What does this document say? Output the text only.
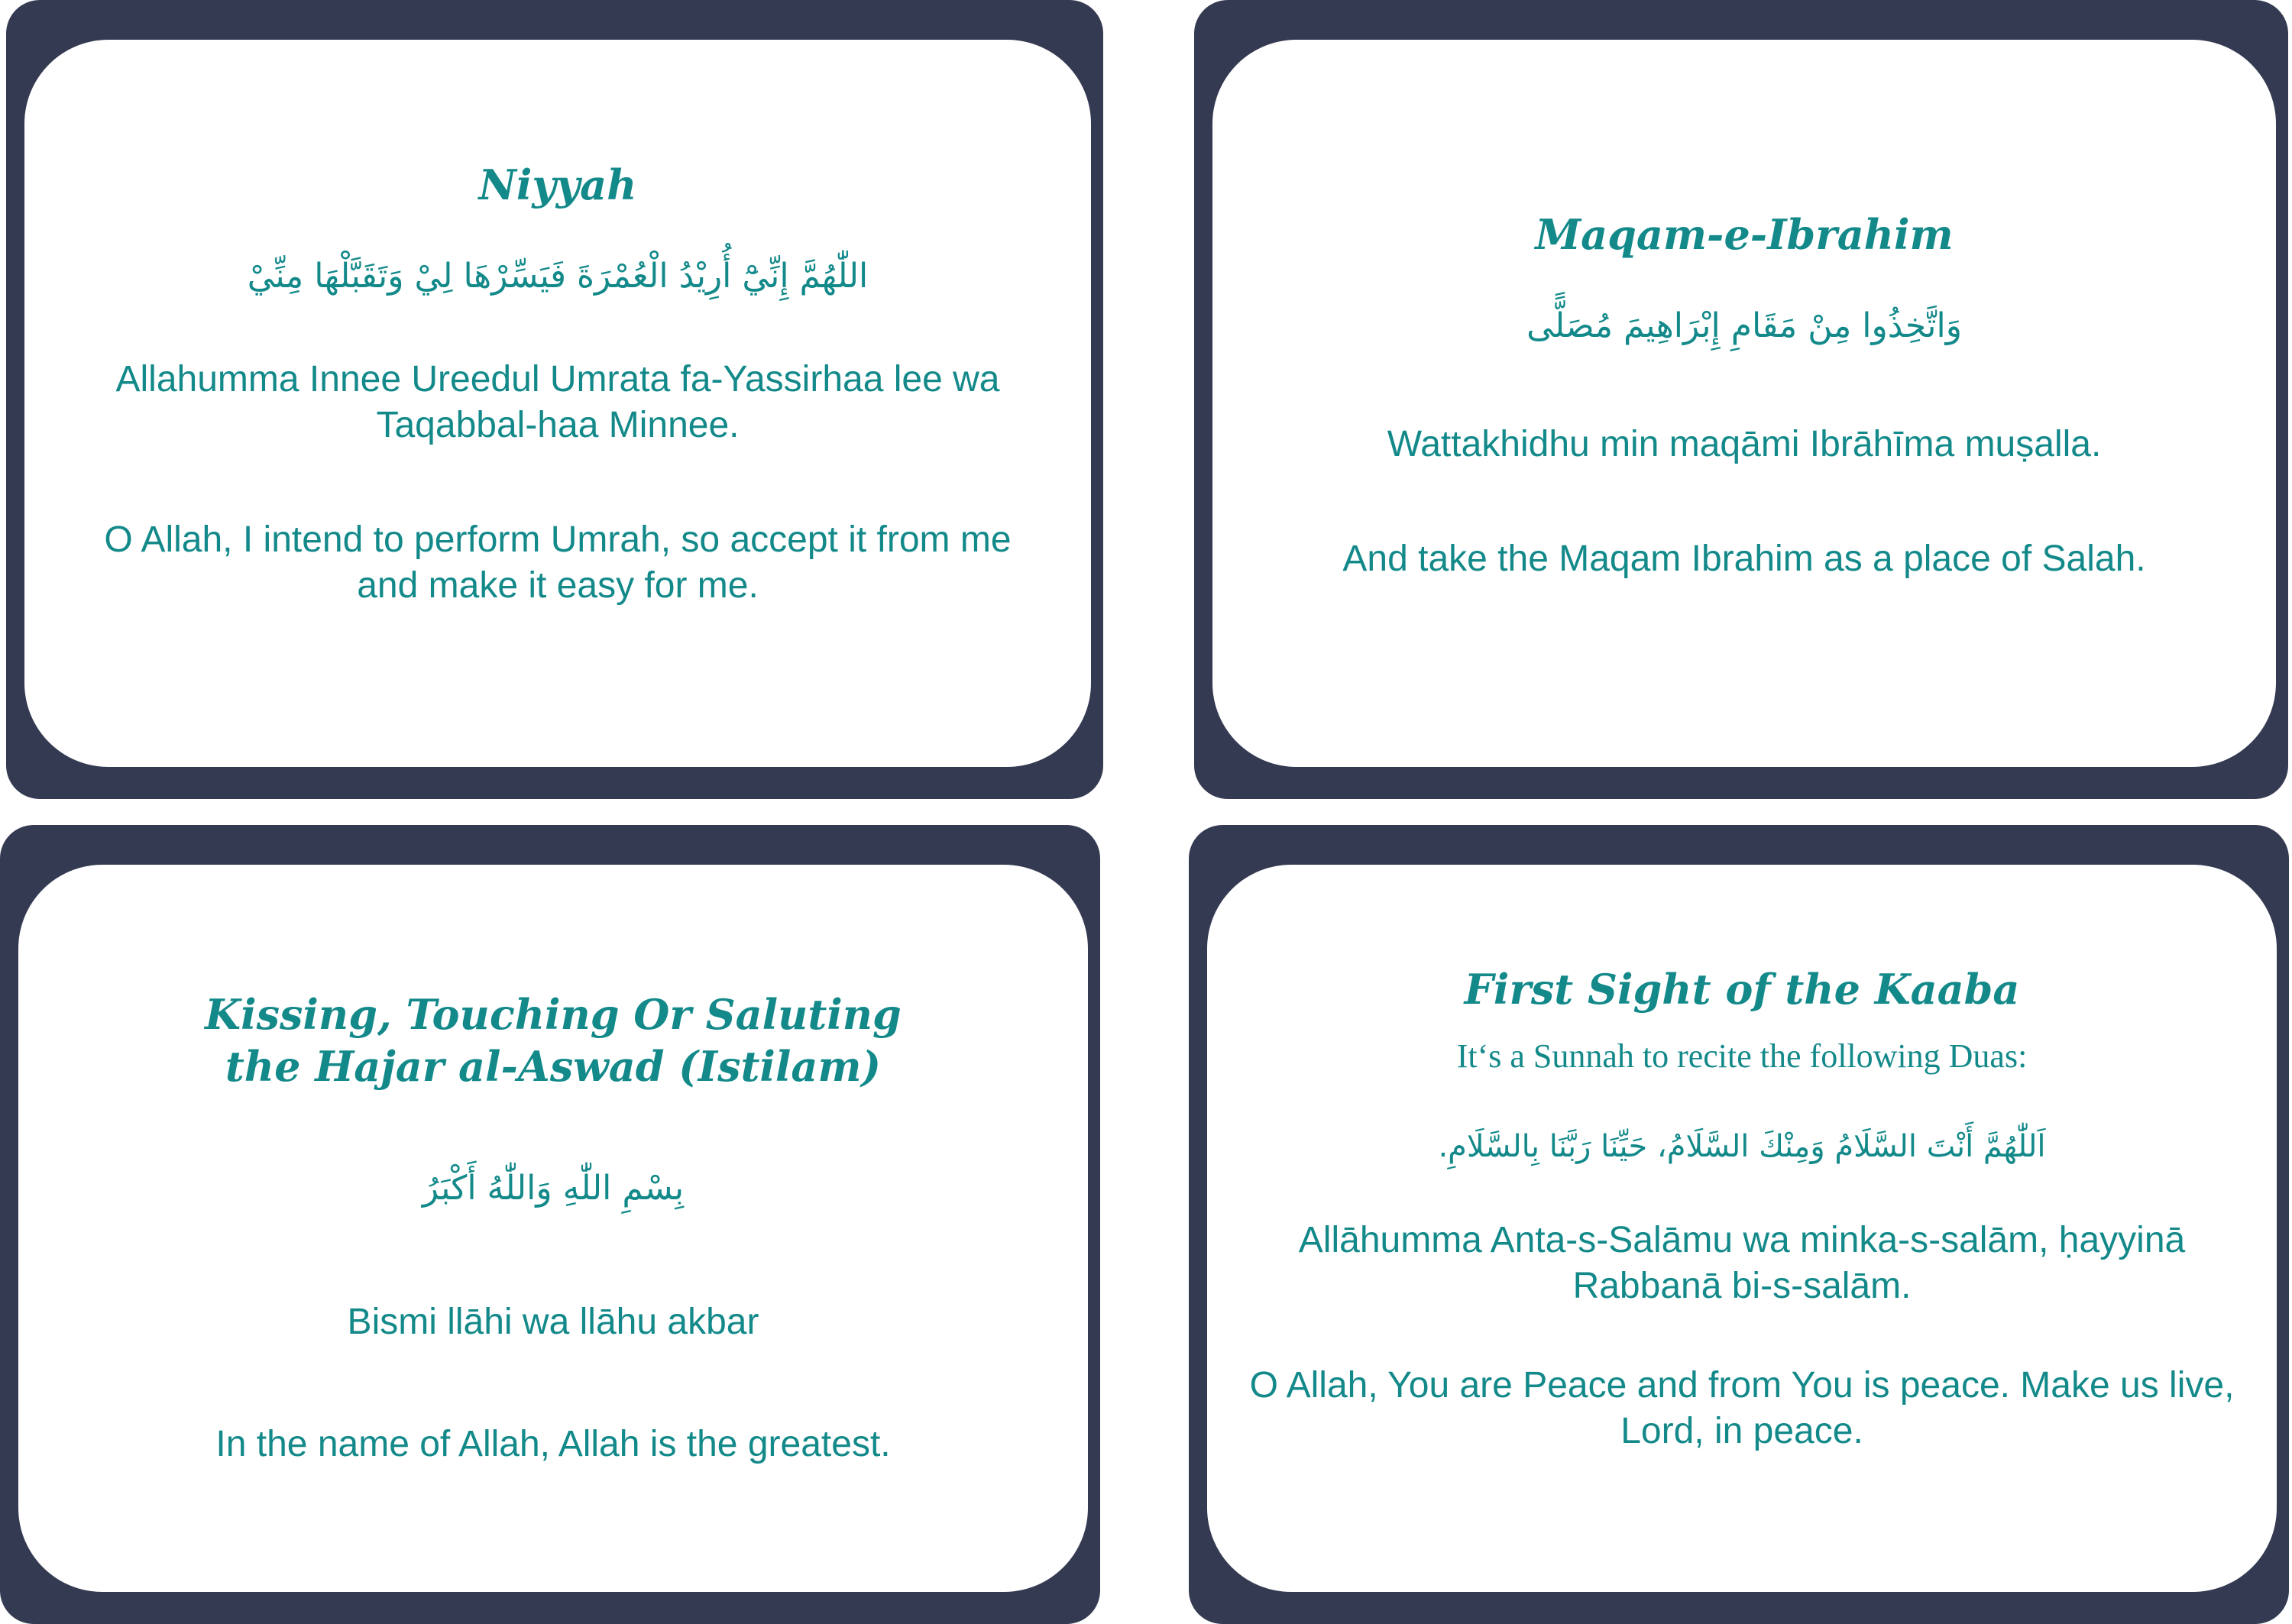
Niyyah
اللّٰهُمَّ إِنِّيْٓ أُرِيْدُ الْعُمْرَةَ فَيَسِّرْهَا لِيْ وَتَقَبَّلْهَا مِنِّيْ
Allahumma Innee Ureedul Umrata fa-Yassirhaa lee wa Taqabbal-haa Minnee.
O Allah, I intend to perform Umrah, so accept it from me and make it easy for me.
Maqam-e-Ibrahim
وَاتَّخِذُوا مِنْ مَقَامِ إِبْرَاهِيمَ مُصَلًّى
Wattakhidhu min maqāmi Ibrāhīma muṣalla.
And take the Maqam Ibrahim as a place of Salah.
Kissing, Touching Or Saluting the Hajar al-Aswad (Istilam)
بِسْمِ اللّٰهِ وَاللّٰهُ أَكْبَرُ
Bismi llāhi wa llāhu akbar
In the name of Allah, Allah is the greatest.
First Sight of the Kaaba
It‘s a Sunnah to recite the following Duas:
اَللّٰهُمَّ أَنْتَ السَّلَامُ وَمِنْكَ السَّلَامُ، حَيِّنَا رَبَّنَا بِالسَّلَامِ.
Allāhumma Anta-s-Salāmu wa minka-s-salām, ḥayyinā Rabbanā bi-s-salām.
O Allah, You are Peace and from You is peace. Make us live, Lord, in peace.
